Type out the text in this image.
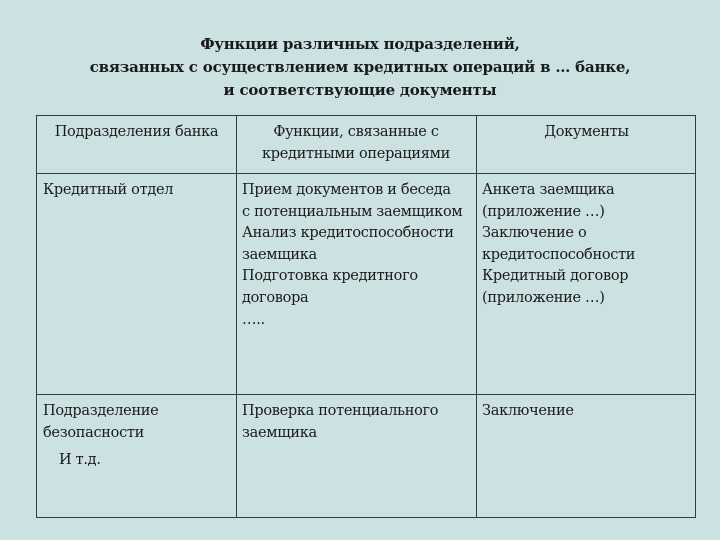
Функции различных подразделений,
связанных с осуществлением кредитных операций в … банке,
и соответствующие документы
Подразделения банка	Функции, связанные с
кредитными операциями
Документы
Кредитный отдел	Прием документов и беседа
с потенциальным заемщиком
Анализ кредитоспособности
заемщика
Подготовка кредитного
договора
…..
Анкета заемщика
(приложение …)
Заключение о
кредитоспособности
Кредитный договор
(приложение …)
Подразделение
безопасности
И т.д.
Проверка потенциального
заемщика
Заключение
